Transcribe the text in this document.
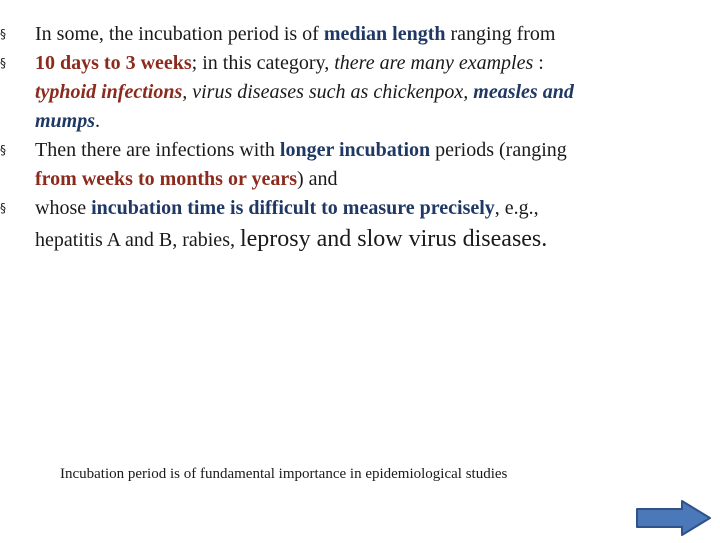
§ In some, the incubation period is of median length ranging from
§ 10 days to 3 weeks; in this category, there are many examples :
typhoid infections, virus diseases such as chickenpox, measles and
mumps.
§ Then there are infections with longer incubation periods (ranging
from weeks to months or years) and
§ whose incubation time is difficult to measure precisely, e.g.,
hepatitis A and B, rabies, leprosy and slow virus diseases.
Incubation period is of fundamental importance in epidemiological studies
